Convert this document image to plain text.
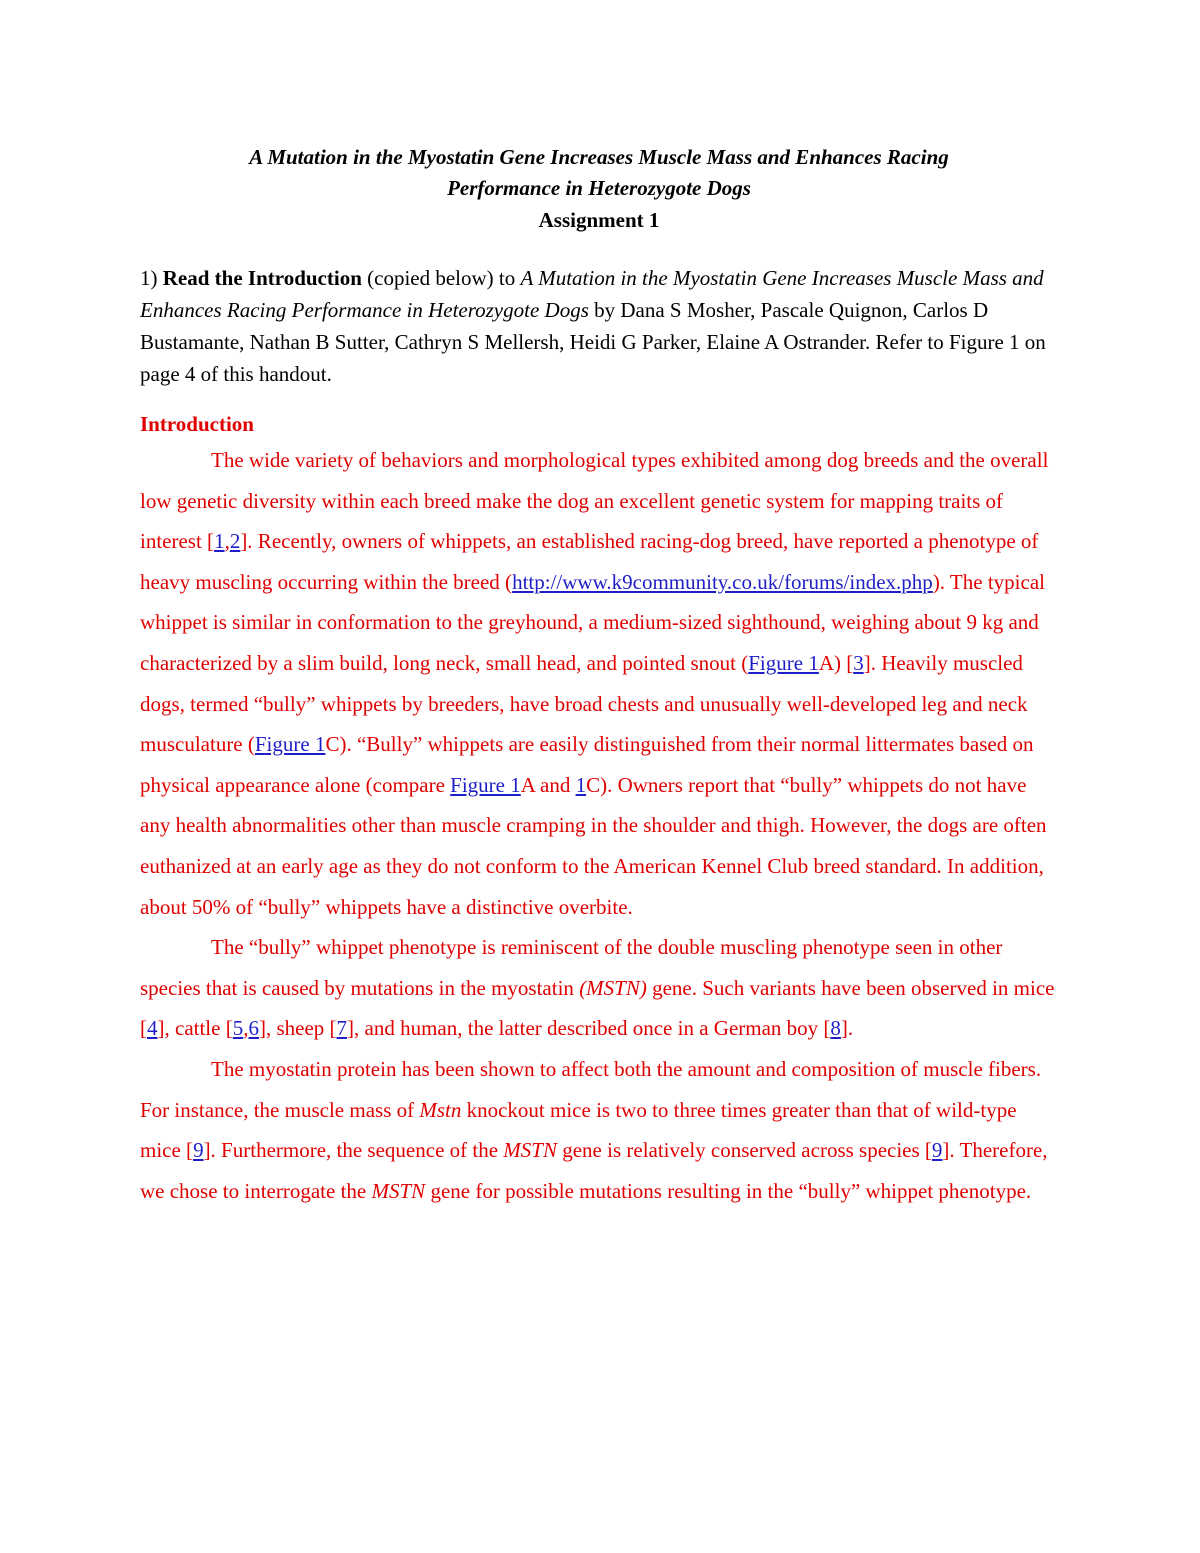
A Mutation in the Myostatin Gene Increases Muscle Mass and Enhances Racing
Performance in Heterozygote Dogs
Assignment 1
1) Read the Introduction (copied below) to A Mutation in the Myostatin Gene Increases Muscle Mass and Enhances Racing Performance in Heterozygote Dogs by Dana S Mosher, Pascale Quignon, Carlos D Bustamante, Nathan B Sutter, Cathryn S Mellersh, Heidi G Parker, Elaine A Ostrander. Refer to Figure 1 on page 4 of this handout.
Introduction

The wide variety of behaviors and morphological types exhibited among dog breeds and the overall low genetic diversity within each breed make the dog an excellent genetic system for mapping traits of interest [1,2]. Recently, owners of whippets, an established racing-dog breed, have reported a phenotype of heavy muscling occurring within the breed (http://www.k9community.co.uk/forums/index.php). The typical whippet is similar in conformation to the greyhound, a medium-sized sighthound, weighing about 9 kg and characterized by a slim build, long neck, small head, and pointed snout (Figure 1A) [3]. Heavily muscled dogs, termed “bully” whippets by breeders, have broad chests and unusually well-developed leg and neck musculature (Figure 1C). “Bully” whippets are easily distinguished from their normal littermates based on physical appearance alone (compare Figure 1A and 1C). Owners report that “bully” whippets do not have any health abnormalities other than muscle cramping in the shoulder and thigh. However, the dogs are often euthanized at an early age as they do not conform to the American Kennel Club breed standard. In addition, about 50% of “bully” whippets have a distinctive overbite.

The “bully” whippet phenotype is reminiscent of the double muscling phenotype seen in other species that is caused by mutations in the myostatin (MSTN) gene. Such variants have been observed in mice [4], cattle [5,6], sheep [7], and human, the latter described once in a German boy [8].

The myostatin protein has been shown to affect both the amount and composition of muscle fibers. For instance, the muscle mass of Mstn knockout mice is two to three times greater than that of wild-type mice [9]. Furthermore, the sequence of the MSTN gene is relatively conserved across species [9]. Therefore, we chose to interrogate the MSTN gene for possible mutations resulting in the “bully” whippet phenotype.
